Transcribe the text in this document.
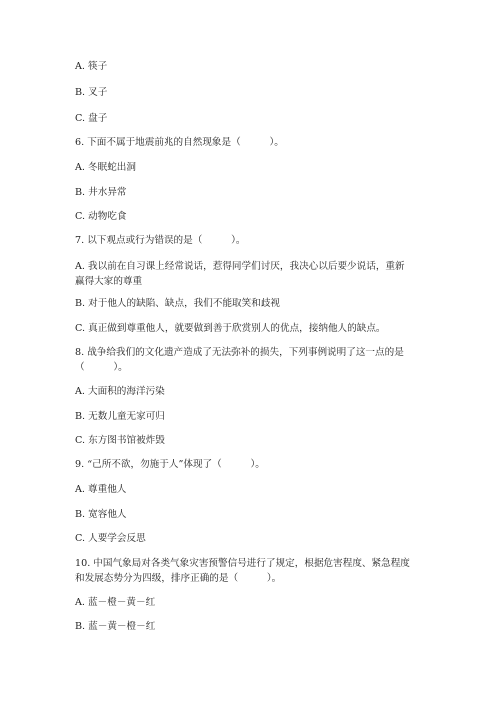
A. 筷子
B. 叉子
C. 盘子
6. 下面不属于地震前兆的自然现象是（　　　）。
A. 冬眠蛇出洞
B. 井水异常
C. 动物吃食
7. 以下观点或行为错误的是（　　　）。
A. 我以前在自习课上经常说话，惹得同学们讨厌，我决心以后要少说话，重新
赢得大家的尊重
B. 对于他人的缺陷、缺点，我们不能取笑和歧视
C. 真正做到尊重他人，就要做到善于欣赏别人的优点，接纳他人的缺点。
8. 战争给我们的文化遗产造成了无法弥补的损失，下列事例说明了这一点的是
（　　　）。
A. 大面积的海洋污染
B. 无数儿童无家可归
C. 东方图书馆被炸毁
9. “己所不欲，勿施于人”体现了（　　　）。
A. 尊重他人
B. 宽容他人
C. 人要学会反思
10. 中国气象局对各类气象灾害预警信号进行了规定，根据危害程度、紧急程度
和发展态势分为四级，排序正确的是（　　　）。
A. 蓝－橙－黄－红
B. 蓝－黄－橙－红
